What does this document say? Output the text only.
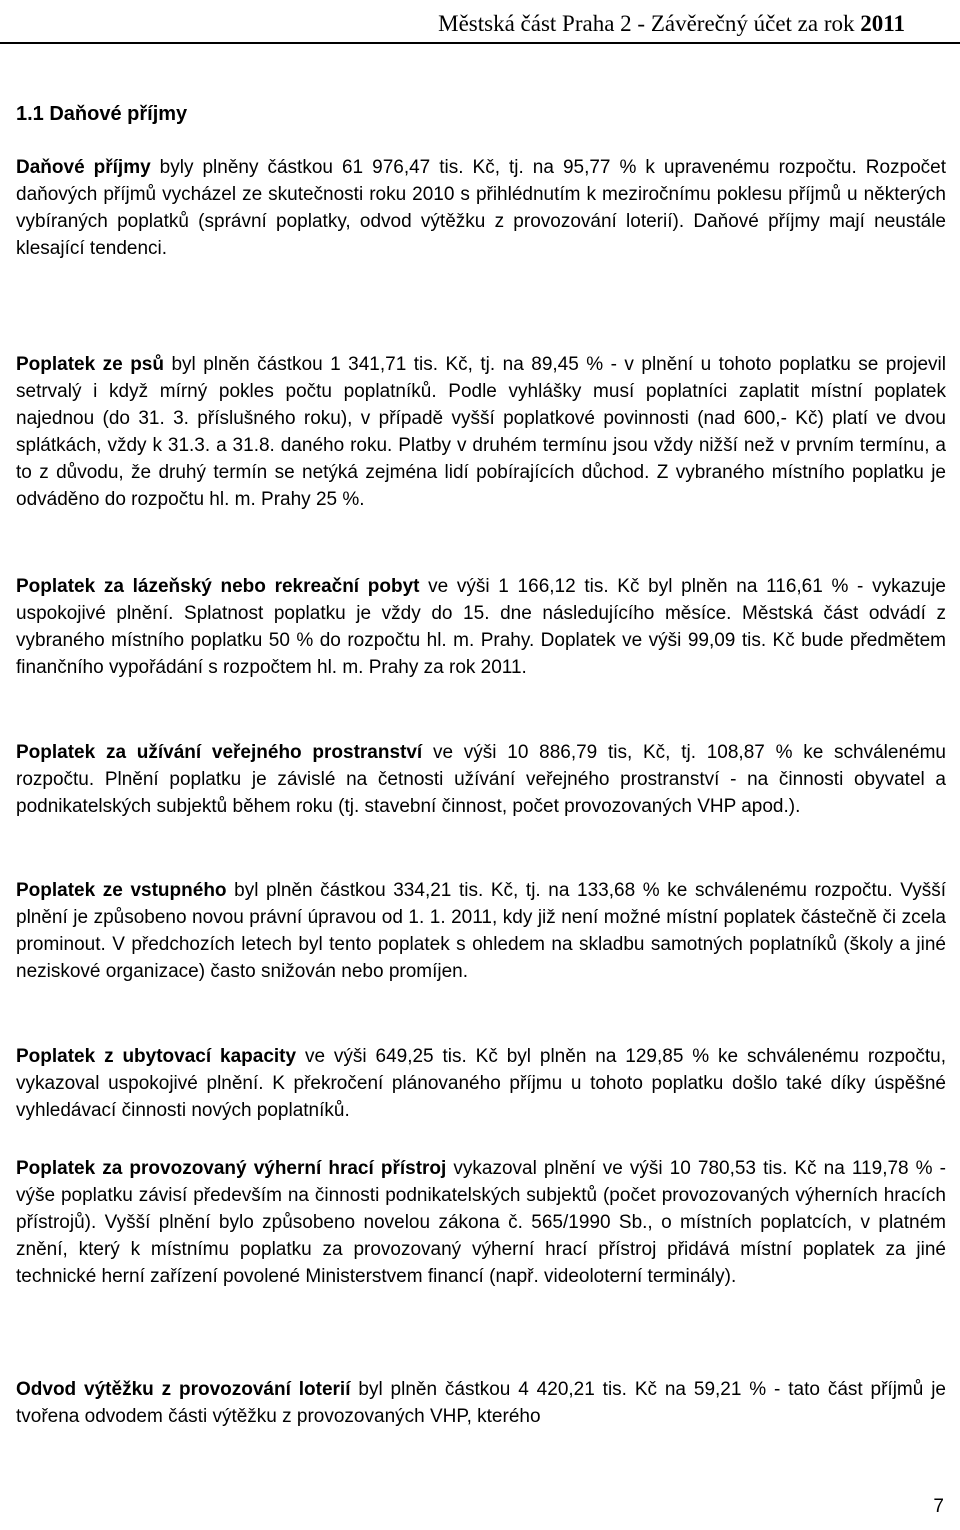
Městská část Praha 2 - Závěrečný účet za rok 2011
1.1 Daňové příjmy

Daňové příjmy byly plněny částkou 61 976,47 tis. Kč, tj. na 95,77 % k upravenému rozpočtu. Rozpočet daňových příjmů vycházel ze skutečnosti roku 2010 s přihlédnutím k meziročnímu poklesu příjmů u některých vybíraných poplatků (správní poplatky, odvod výtěžku z provozování loterií). Daňové příjmy mají neustále klesající tendenci.

Poplatek ze psů byl plněn částkou 1 341,71 tis. Kč, tj. na 89,45 % - v plnění u tohoto poplatku se projevil setrvalý i když mírný pokles počtu poplatníků. Podle vyhlášky musí poplatníci zaplatit místní poplatek najednou (do 31. 3. příslušného roku), v případě vyšší poplatkové povinnosti (nad 600,- Kč) platí ve dvou splátkách, vždy k 31.3. a 31.8. daného roku. Platby v druhém termínu jsou vždy nižší než v prvním termínu, a to z důvodu, že druhý termín se netýká zejména lidí pobírajících důchod. Z vybraného místního poplatku je odváděno do rozpočtu hl. m. Prahy 25 %.

Poplatek za lázeňský nebo rekreační pobyt ve výši 1 166,12 tis. Kč byl plněn na 116,61 % - vykazuje uspokojivé plnění. Splatnost poplatku je vždy do 15. dne následujícího měsíce. Městská část odvádí z vybraného místního poplatku 50 % do rozpočtu hl. m. Prahy. Doplatek ve výši 99,09 tis. Kč bude předmětem finančního vypořádání s rozpočtem hl. m. Prahy za rok 2011.

Poplatek za užívání veřejného prostranství ve výši 10 886,79 tis, Kč, tj. 108,87 % ke schválenému rozpočtu. Plnění poplatku je závislé na četnosti užívání veřejného prostranství - na činnosti obyvatel a podnikatelských subjektů během roku (tj. stavební činnost, počet provozovaných VHP apod.).

Poplatek ze vstupného byl plněn částkou 334,21 tis. Kč, tj. na 133,68 % ke schválenému rozpočtu. Vyšší plnění je způsobeno novou právní úpravou od 1. 1. 2011, kdy již není možné místní poplatek částečně či zcela prominout. V předchozích letech byl tento poplatek s ohledem na skladbu samotných poplatníků (školy a jiné neziskové organizace) často snižován nebo promíjen.

Poplatek z ubytovací kapacity ve výši 649,25 tis. Kč byl plněn na 129,85 % ke schválenému rozpočtu, vykazoval uspokojivé plnění. K překročení plánovaného příjmu u tohoto poplatku došlo také díky úspěšné vyhledávací činnosti nových poplatníků.

Poplatek za provozovaný výherní hrací přístroj vykazoval plnění ve výši 10 780,53 tis. Kč na 119,78 % - výše poplatku závisí především na činnosti podnikatelských subjektů (počet provozovaných výherních hracích přístrojů). Vyšší plnění bylo způsobeno novelou zákona č. 565/1990 Sb., o místních poplatcích, v platném znění, který k místnímu poplatku za provozovaný výherní hrací přístroj přidává místní poplatek za jiné technické herní zařízení povolené Ministerstvem financí (např. videoloterní terminály).

Odvod výtěžku z provozování loterií byl plněn částkou 4 420,21 tis. Kč na 59,21 % - tato část příjmů je tvořena odvodem části výtěžku z provozovaných VHP, kterého

7
